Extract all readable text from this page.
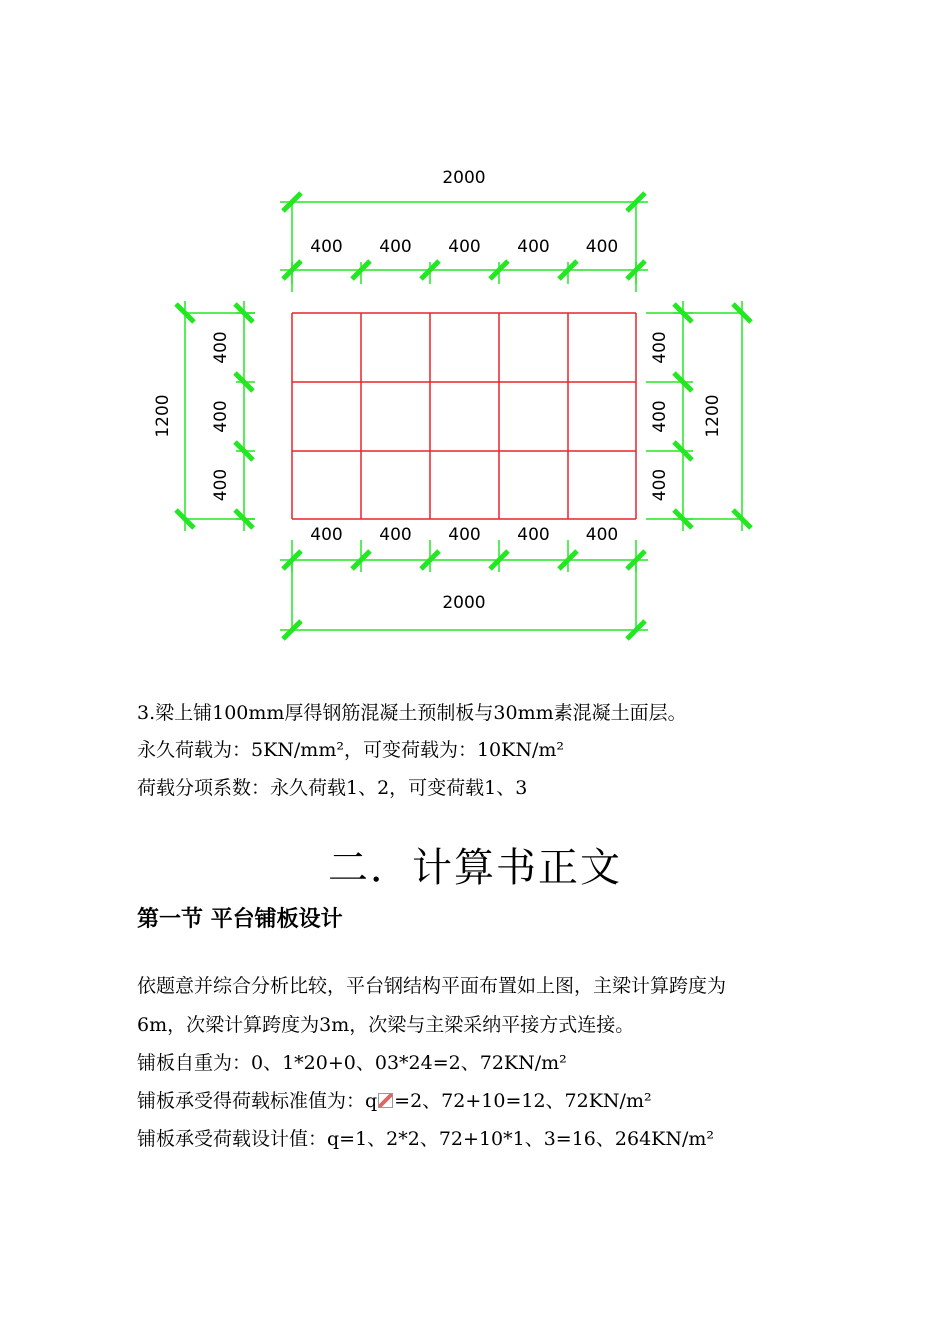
2000
400 400 400 400 400
400 400 400 400 400
2000
1200
400
400
400
1200
400
400
400
3.梁上铺100mm厚得钢筋混凝土预制板与30mm素混凝土面层。
永久荷载为：5KN/mm²，可变荷载为：10KN/m²
荷载分项系数：永久荷载1、2，可变荷载1、3
二．计算书正文
第一节 平台铺板设计
依题意并综合分析比较，平台钢结构平面布置如上图，主梁计算跨度为
6m，次梁计算跨度为3m，次梁与主梁采纳平接方式连接。
铺板自重为：0、1*20+0、03*24=2、72KN/m²
铺板承受得荷载标准值为：q =2、72+10=12、72KN/m²
铺板承受荷载设计值：q=1、2*2、72+10*1、3=16、264KN/m²
